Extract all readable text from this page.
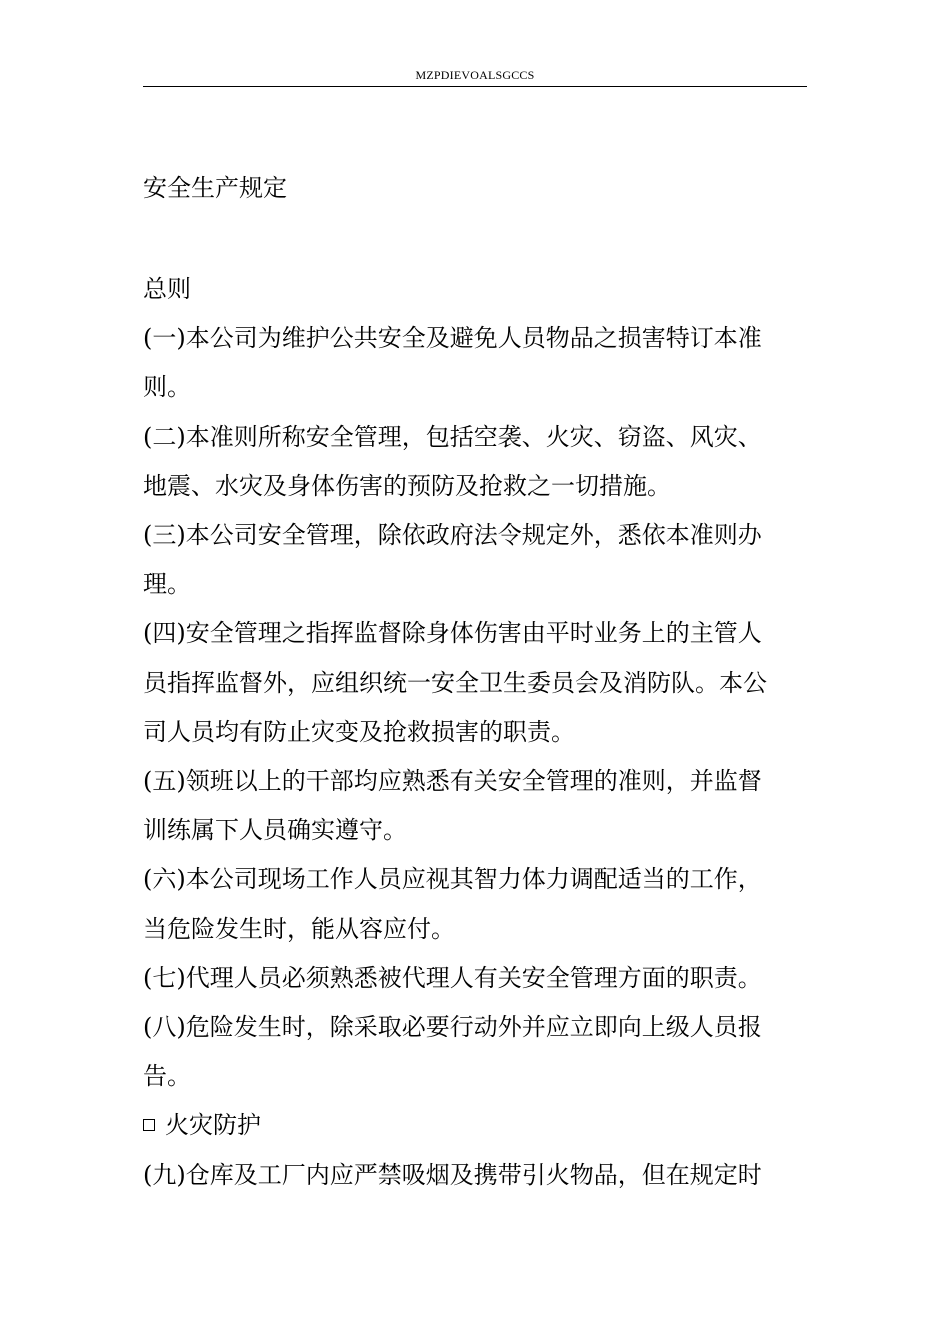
MZPDIEVOALSGCCS
安全生产规定

总则

(一)本公司为维护公共安全及避免人员物品之损害特订本准

则。

(二)本准则所称安全管理，包括空袭、火灾、窃盗、风灾、

地震、水灾及身体伤害的预防及抢救之一切措施。

(三)本公司安全管理，除依政府法令规定外，悉依本准则办

理。

(四)安全管理之指挥监督除身体伤害由平时业务上的主管人

员指挥监督外，应组织统一安全卫生委员会及消防队。本公

司人员均有防止灾变及抢救损害的职责。

(五)领班以上的干部均应熟悉有关安全管理的准则，并监督

训练属下人员确实遵守。

(六)本公司现场工作人员应视其智力体力调配适当的工作，

当危险发生时，能从容应付。

(七)代理人员必须熟悉被代理人有关安全管理方面的职责。

(八)危险发生时，除采取必要行动外并应立即向上级人员报

告。

火灾防护

(九)仓库及工厂内应严禁吸烟及携带引火物品，但在规定时
